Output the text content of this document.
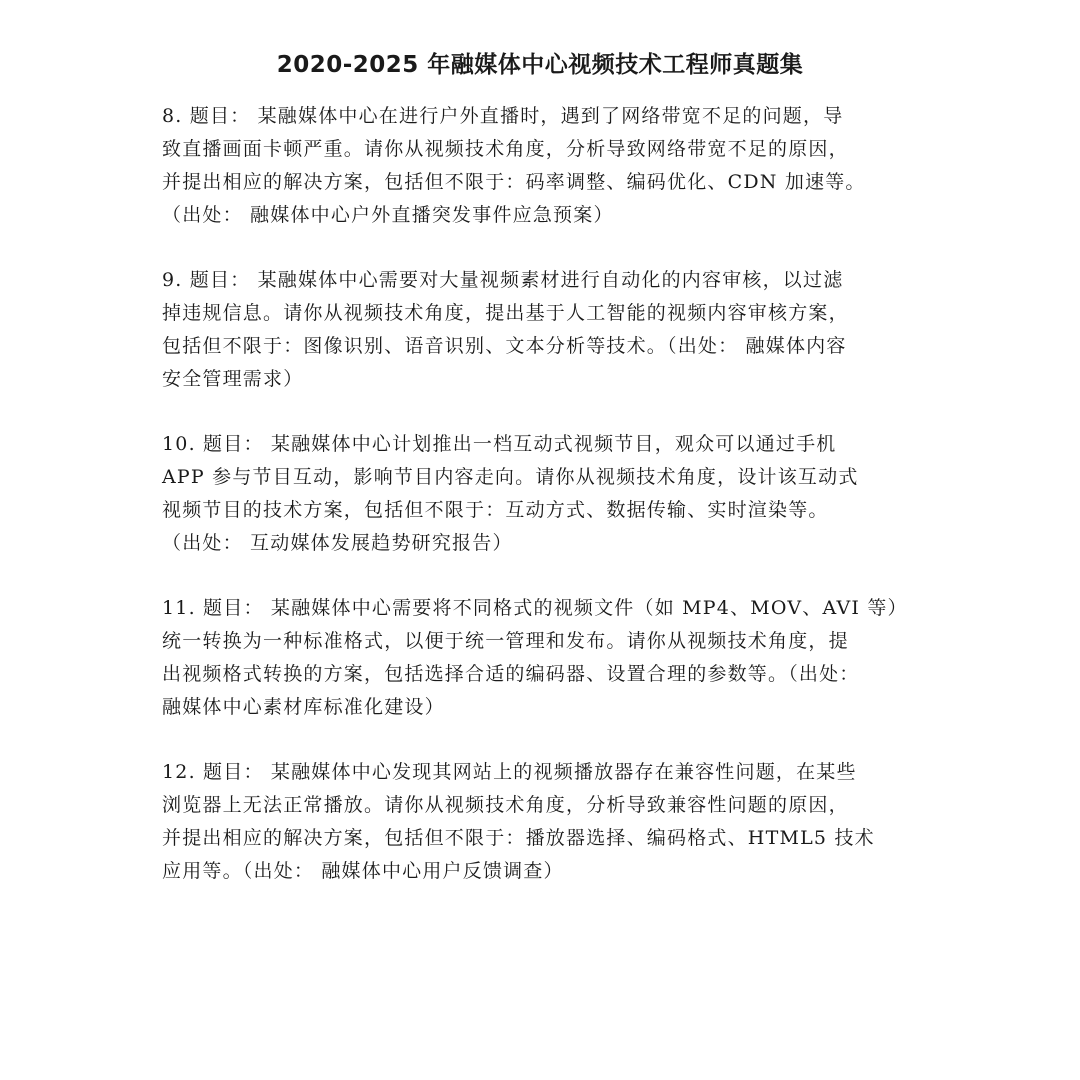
2020-2025 年融媒体中心视频技术工程师真题集
8. 题目： 某融媒体中心在进行户外直播时，遇到了网络带宽不足的问题，导
致直播画面卡顿严重。请你从视频技术角度，分析导致网络带宽不足的原因，
并提出相应的解决方案，包括但不限于：码率调整、编码优化、CDN 加速等。
（出处： 融媒体中心户外直播突发事件应急预案）
9. 题目： 某融媒体中心需要对大量视频素材进行自动化的内容审核，以过滤
掉违规信息。请你从视频技术角度，提出基于人工智能的视频内容审核方案，
包括但不限于：图像识别、语音识别、文本分析等技术。（出处： 融媒体内容
安全管理需求）
10. 题目： 某融媒体中心计划推出一档互动式视频节目，观众可以通过手机
APP 参与节目互动，影响节目内容走向。请你从视频技术角度，设计该互动式
视频节目的技术方案，包括但不限于：互动方式、数据传输、实时渲染等。
（出处： 互动媒体发展趋势研究报告）
11. 题目： 某融媒体中心需要将不同格式的视频文件（如 MP4、MOV、AVI 等）
统一转换为一种标准格式，以便于统一管理和发布。请你从视频技术角度，提
出视频格式转换的方案，包括选择合适的编码器、设置合理的参数等。（出处：
融媒体中心素材库标准化建设）
12. 题目： 某融媒体中心发现其网站上的视频播放器存在兼容性问题，在某些
浏览器上无法正常播放。请你从视频技术角度，分析导致兼容性问题的原因，
并提出相应的解决方案，包括但不限于：播放器选择、编码格式、HTML5 技术
应用等。（出处： 融媒体中心用户反馈调查）
